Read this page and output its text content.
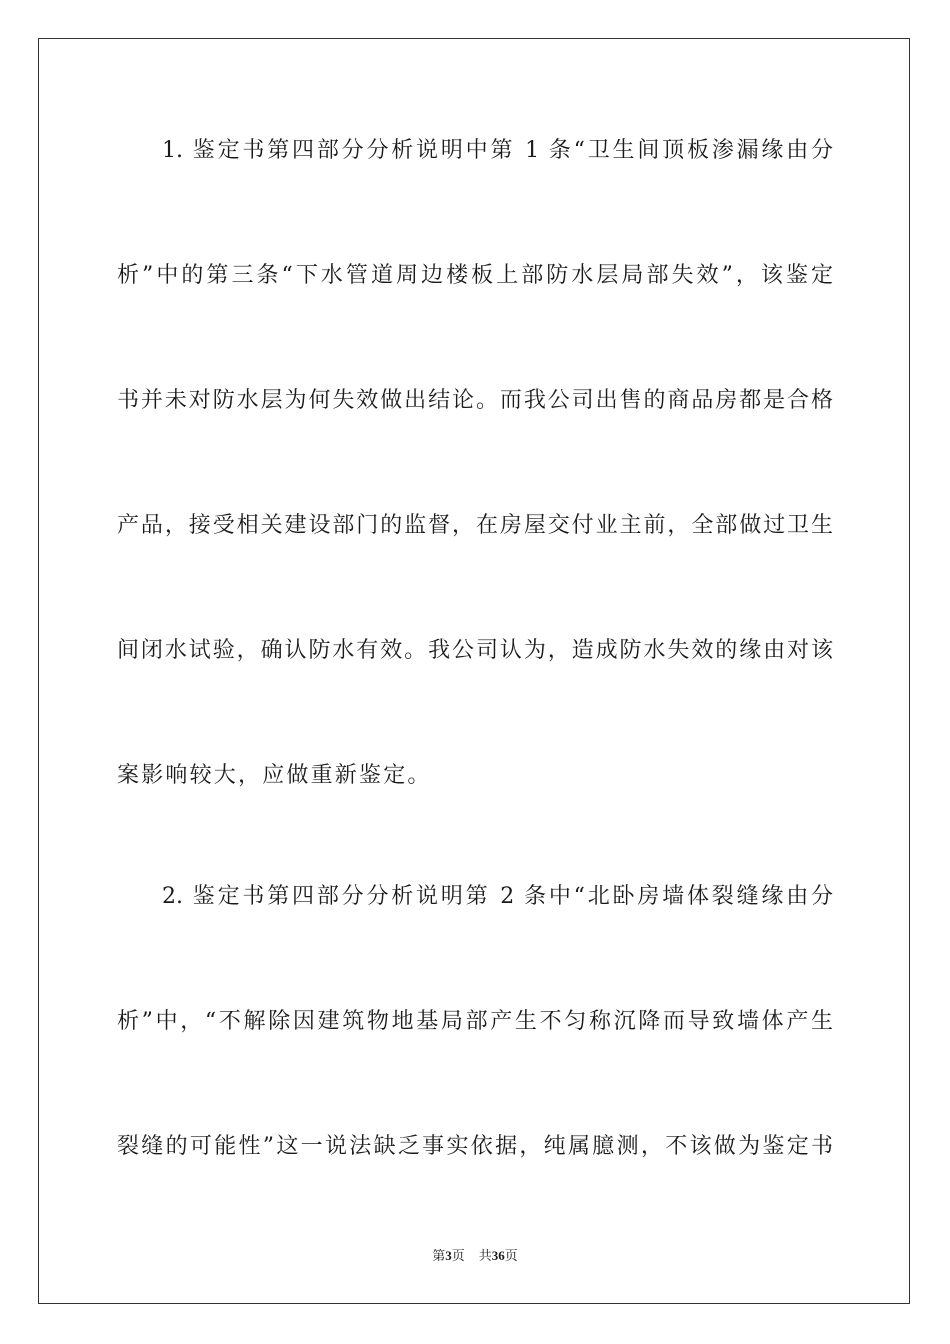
1. 鉴定书第四部分分析说明中第 1 条“卫生间顶板渗漏缘由分
析”中的第三条“下水管道周边楼板上部防水层局部失效”，该鉴定
书并未对防水层为何失效做出结论。而我公司出售的商品房都是合格
产品，接受相关建设部门的监督，在房屋交付业主前，全部做过卫生
间闭水试验，确认防水有效。我公司认为，造成防水失效的缘由对该
案影响较大，应做重新鉴定。
2. 鉴定书第四部分分析说明第 2 条中“北卧房墙体裂缝缘由分
析”中，“不解除因建筑物地基局部产生不匀称沉降而导致墙体产生
裂缝的可能性”这一说法缺乏事实依据，纯属臆测，不该做为鉴定书
第3页 共36页
